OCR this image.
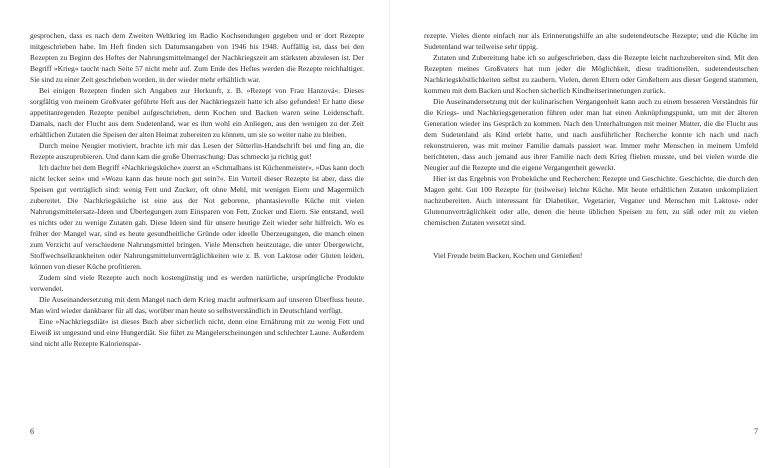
gesprochen, dass es nach dem Zweiten Weltkrieg im Radio Kochsendungen gegeben und er dort Rezepte mitgeschrieben habe. Im Heft finden sich Datumsangaben von 1946 bis 1948. Auffällig ist, dass bei den Rezepten zu Beginn des Heftes der Nahrungsmittelmangel der Nachkriegszeit am stärksten abzulesen ist. Der Begriff »Krieg« taucht nach Seite 57 nicht mehr auf. Zum Ende des Heftes werden die Rezepte reichhaltiger. Sie sind zu einer Zeit geschrieben worden, in der wieder mehr erhältlich war.

Bei einigen Rezepten finden sich Angaben zur Herkunft, z. B. »Rezept von Frau Hanzová«. Dieses sorgfältig von meinem Großvater geführte Heft aus der Nachkriegszeit hatte ich also gefunden! Er hatte diese appetitanregenden Rezepte penibel aufgeschrieben, denn Kochen und Backen waren seine Leidenschaft. Damals, nach der Flucht aus dem Sudetenland, war es ihm wohl ein Anliegen, aus den wenigen zu der Zeit erhältlichen Zutaten die Speisen der alten Heimat zubereiten zu können, um sie so weiter nahe zu bleiben.

Durch meine Neugier motiviert, brachte ich mir das Lesen der Sütterlin-Handschrift bei und fing an, die Rezepte auszuprobieren. Und dann kam die große Überraschung: Das schmeckt ja richtig gut!

Ich dachte bei dem Begriff »Nachkriegsküche« zuerst an »Schmalhans ist Küchenmeister«, »Das kann doch nicht lecker sein« und »Wozu kann das heute noch gut sein?«. Ein Vorteil dieser Rezepte ist aber, dass die Speisen gut verträglich sind: wenig Fett und Zucker, oft ohne Mehl, mit wenigen Eiern und Magermilch zubereitet. Die Nachkriegsküche ist eine aus der Not geborene, phantasievolle Küche mit vielen Nahrungsmittelersatz-Ideen und Überlegungen zum Einsparen von Fett, Zucker und Eiern. Sie entstand, weil es nichts oder zu wenige Zutaten gab. Diese Ideen sind für unsere heutige Zeit wieder sehr hilfreich. Wo es früher der Mangel war, sind es heute gesundheitliche Gründe oder ideelle Überzeugungen, die manch einen zum Verzicht auf verschiedene Nahrungsmittel bringen. Viele Menschen heutzutage, die unter Übergewicht, Stoffwechselkrankheiten oder Nahrungsmittelunverträglichkeiten wie z. B. von Laktose oder Gluten leiden, können von dieser Küche profitieren.

Zudem sind viele Rezepte auch noch kostengünstig und es werden natürliche, ursprüngliche Produkte verwendet.

Die Auseinandersetzung mit dem Mangel nach dem Krieg macht aufmerksam auf unseren Überfluss heute. Man wird wieder dankbarer für all das, worüber man heute so selbstverständlich in Deutschland verfügt.

Eine »Nachkriegsdiät« ist dieses Buch aber sicherlich nicht, denn eine Ernährung mit zu wenig Fett und Eiweiß ist ungesund und eine Hungerdiät. Sie führt zu Mangelerscheinungen und schlechter Laune. Außerdem sind nicht alle Rezepte Kalorienspar-

6

rezepte. Vieles diente einfach nur als Erinnerungshilfe an alte sudetendeutsche Rezepte; und die Küche im Sudetenland war teilweise sehr üppig.

Zutaten und Zubereitung habe ich so aufgeschrieben, dass die Rezepte leicht nachzubereiten sind. Mit den Rezepten meines Großvaters hat nun jeder die Möglichkeit, diese traditionellen, sudetendeutschen Nachkriegsköstlichkeiten selbst zu zaubern. Vielen, deren Eltern oder Großeltern aus dieser Gegend stammen, kommen mit dem Backen und Kochen sicherlich Kindheitserinnerungen zurück.

Die Auseinandersetzung mit der kulinarischen Vergangenheit kann auch zu einem besseren Verständnis für die Kriegs- und Nachkriegsgeneration führen oder man hat einen Anknüpfungspunkt, um mit der älteren Generation wieder ins Gespräch zu kommen. Nach den Unterhaltungen mit meiner Mutter, die die Flucht aus dem Sudetenland als Kind erlebt hatte, und nach ausführlicher Recherche konnte ich nach und nach rekonstruieren, was mit meiner Familie damals passiert war. Immer mehr Menschen in meinem Umfeld berichteten, dass auch jemand aus ihrer Familie nach dem Krieg fliehen musste, und bei vielen wurde die Neugier auf die Rezepte und die eigene Vergangenheit geweckt.

Hier ist das Ergebnis von Probeküche und Recherchen: Rezepte und Geschichte. Geschichte, die durch den Magen geht. Gut 100 Rezepte für (teilweise) leichte Küche. Mit heute erhältlichen Zutaten unkompliziert nachzubereiten. Auch interessant für Diabetiker, Vegetarier, Veganer und Menschen mit Laktose- oder Glutenunverträglichkeit oder alle, denen die heute üblichen Speisen zu fett, zu süß oder mit zu vielen chemischen Zutaten versetzt sind.

Viel Freude beim Backen, Kochen und Genießen!

7
